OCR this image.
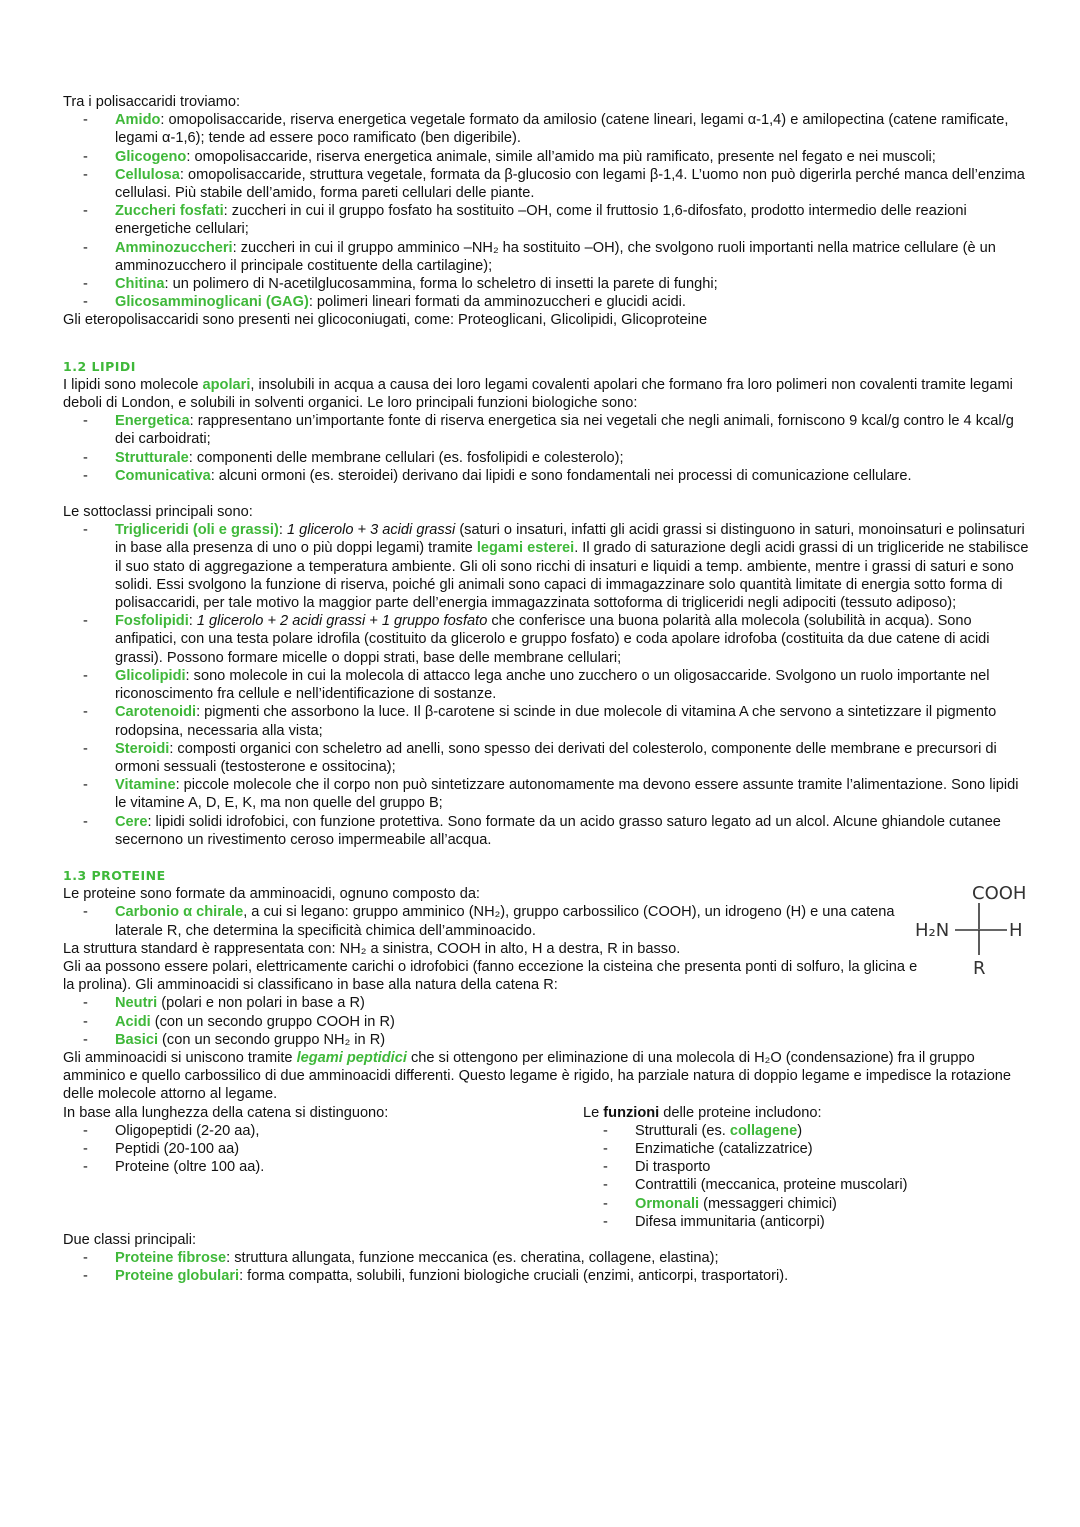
Tra i polisaccaridi troviamo:

- Amido: omopolisaccaride, riserva energetica vegetale formato da amilosio (catene lineari, legami α-1,4) e amilopectina (catene ramificate, legami α-1,6); tende ad essere poco ramificato (ben digeribile).
- Glicogeno: omopolisaccaride, riserva energetica animale, simile all’amido ma più ramificato, presente nel fegato e nei muscoli;
- Cellulosa: omopolisaccaride, struttura vegetale, formata da β-glucosio con legami β-1,4. L’uomo non può digerirla perché manca dell’enzima cellulasi. Più stabile dell’amido, forma pareti cellulari delle piante.
- Zuccheri fosfati: zuccheri in cui il gruppo fosfato ha sostituito –OH, come il fruttosio 1,6-difosfato, prodotto intermedio delle reazioni energetiche cellulari;
- Amminozuccheri: zuccheri in cui il gruppo amminico –NH₂ ha sostituito –OH), che svolgono ruoli importanti nella matrice cellulare (è un amminozucchero il principale costituente della cartilagine);
- Chitina: un polimero di N-acetilglucosammina, forma lo scheletro di insetti la parete di funghi;
- Glicosamminoglicani (GAG): polimeri lineari formati da amminozuccheri e glucidi acidi.

Gli eteropolisaccaridi sono presenti nei glicoconiugati, come: Proteoglicani, Glicolipidi, Glicoproteine

1.2 LIPIDI

I lipidi sono molecole apolari, insolubili in acqua a causa dei loro legami covalenti apolari che formano fra loro polimeri non covalenti tramite legami deboli di London, e solubili in solventi organici. Le loro principali funzioni biologiche sono:

- Energetica: rappresentano un’importante fonte di riserva energetica sia nei vegetali che negli animali, forniscono 9 kcal/g contro le 4 kcal/g dei carboidrati;
- Strutturale: componenti delle membrane cellulari (es. fosfolipidi e colesterolo);
- Comunicativa: alcuni ormoni (es. steroidei) derivano dai lipidi e sono fondamentali nei processi di comunicazione cellulare.

Le sottoclassi principali sono:

- Trigliceridi (oli e grassi): 1 glicerolo + 3 acidi grassi (saturi o insaturi, infatti gli acidi grassi si distinguono in saturi, monoinsaturi e polinsaturi in base alla presenza di uno o più doppi legami) tramite legami esterei. Il grado di saturazione degli acidi grassi di un trigliceride ne stabilisce il suo stato di aggregazione a temperatura ambiente. Gli oli sono ricchi di insaturi e liquidi a temp. ambiente, mentre i grassi di saturi e sono solidi. Essi svolgono la funzione di riserva, poiché gli animali sono capaci di immagazzinare solo quantità limitate di energia sotto forma di polisaccaridi, per tale motivo la maggior parte dell’energia immagazzinata sottoforma di trigliceridi negli adipociti (tessuto adiposo);
- Fosfolipidi: 1 glicerolo + 2 acidi grassi + 1 gruppo fosfato che conferisce una buona polarità alla molecola (solubilità in acqua). Sono anfipatici, con una testa polare idrofila (costituito da glicerolo e gruppo fosfato) e coda apolare idrofoba (costituita da due catene di acidi grassi). Possono formare micelle o doppi strati, base delle membrane cellulari;
- Glicolipidi: sono molecole in cui la molecola di attacco lega anche uno zucchero o un oligosaccaride. Svolgono un ruolo importante nel riconoscimento fra cellule e nell’identificazione di sostanze.
- Carotenoidi: pigmenti che assorbono la luce. Il β-carotene si scinde in due molecole di vitamina A che servono a sintetizzare il pigmento rodopsina, necessaria alla vista;
- Steroidi: composti organici con scheletro ad anelli, sono spesso dei derivati del colesterolo, componente delle membrane e precursori di ormoni sessuali (testosterone e ossitocina);
- Vitamine: piccole molecole che il corpo non può sintetizzare autonomamente ma devono essere assunte tramite l’alimentazione. Sono lipidi le vitamine A, D, E, K, ma non quelle del gruppo B;
- Cere: lipidi solidi idrofobici, con funzione protettiva. Sono formate da un acido grasso saturo legato ad un alcol. Alcune ghiandole cutanee secernono un rivestimento ceroso impermeabile all’acqua.

1.3 PROTEINE

Le proteine sono formate da amminoacidi, ognuno composto da:

- Carbonio α chirale, a cui si legano: gruppo amminico (NH₂), gruppo carbossilico (COOH), un idrogeno (H) e una catena laterale R, che determina la specificità chimica dell’amminoacido.

La struttura standard è rappresentata con: NH₂ a sinistra, COOH in alto, H a destra, R in basso.

Gli aa possono essere polari, elettricamente carichi o idrofobici (fanno eccezione la cisteina che presenta ponti di solfuro, la glicina e la prolina). Gli amminoacidi si classificano in base alla natura della catena R:

COOH
H₂N	H
R
- Neutri (polari e non polari in base a R)
- Acidi (con un secondo gruppo COOH in R)
- Basici (con un secondo gruppo NH₂ in R)

Gli amminoacidi si uniscono tramite legami peptidici che si ottengono per eliminazione di una molecola di H₂O (condensazione) fra il gruppo amminico e quello carbossilico di due amminoacidi differenti. Questo legame è rigido, ha parziale natura di doppio legame e impedisce la rotazione delle molecole attorno al legame.

In base alla lunghezza della catena si distinguono:

- Oligopeptidi (2-20 aa),
- Peptidi (20-100 aa)
- Proteine (oltre 100 aa).

Le funzioni delle proteine includono:

- Strutturali (es. collagene)
- Enzimatiche (catalizzatrice)
- Di trasporto
- Contrattili (meccanica, proteine muscolari)
- Ormonali (messaggeri chimici)
- Difesa immunitaria (anticorpi)

Due classi principali:

- Proteine fibrose: struttura allungata, funzione meccanica (es. cheratina, collagene, elastina);
- Proteine globulari: forma compatta, solubili, funzioni biologiche cruciali (enzimi, anticorpi, trasportatori).
